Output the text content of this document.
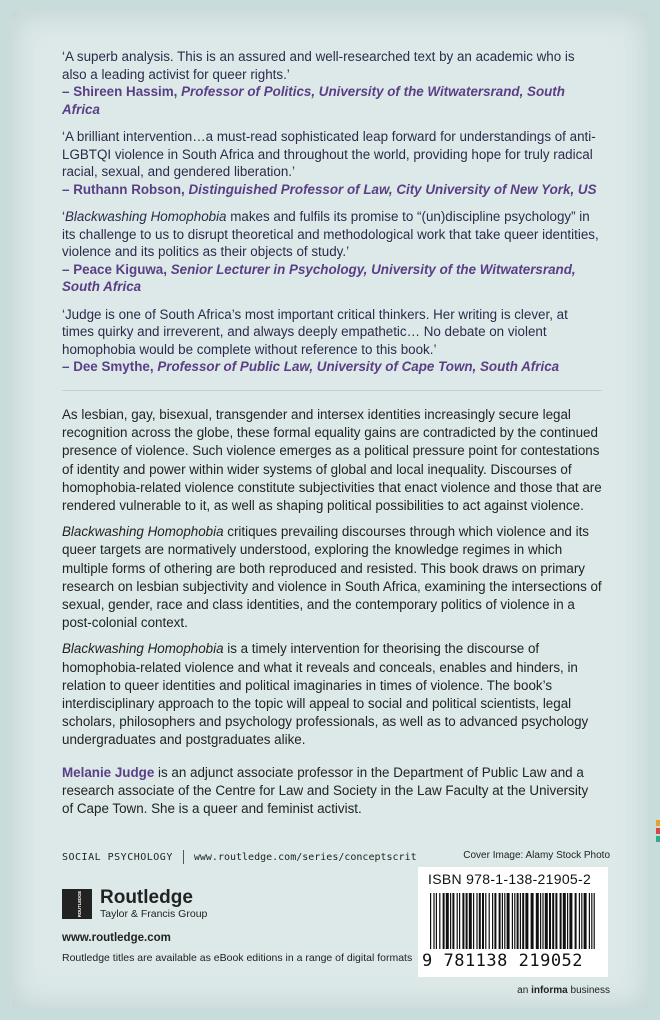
‘A superb analysis. This is an assured and well-researched text by an academic who is also a leading activist for queer rights.’

– Shireen Hassim, Professor of Politics, University of the Witwatersrand, South Africa

‘A brilliant intervention…a must-read sophisticated leap forward for understandings of anti-LGBTQI violence in South Africa and throughout the world, providing hope for truly radical racial, sexual, and gendered liberation.’

– Ruthann Robson, Distinguished Professor of Law, City University of New York, US

‘Blackwashing Homophobia makes and fulfils its promise to “(un)discipline psychology” in its challenge to us to disrupt theoretical and methodological work that take queer identities, violence and its politics as their objects of study.’

– Peace Kiguwa, Senior Lecturer in Psychology, University of the Witwatersrand, South Africa

‘Judge is one of South Africa’s most important critical thinkers. Her writing is clever, at times quirky and irreverent, and always deeply empathetic… No debate on violent homophobia would be complete without reference to this book.’

– Dee Smythe, Professor of Public Law, University of Cape Town, South Africa

As lesbian, gay, bisexual, transgender and intersex identities increasingly secure legal recognition across the globe, these formal equality gains are contradicted by the continued presence of violence. Such violence emerges as a political pressure point for contestations of identity and power within wider systems of global and local inequality. Discourses of homophobia-related violence constitute subjectivities that enact violence and those that are rendered vulnerable to it, as well as shaping political possibilities to act against violence.

Blackwashing Homophobia critiques prevailing discourses through which violence and its queer targets are normatively understood, exploring the knowledge regimes in which multiple forms of othering are both reproduced and resisted. This book draws on primary research on lesbian subjectivity and violence in South Africa, examining the intersections of sexual, gender, race and class identities, and the contemporary politics of violence in a post-colonial context.

Blackwashing Homophobia is a timely intervention for theorising the discourse of homophobia-related violence and what it reveals and conceals, enables and hinders, in relation to queer identities and political imaginaries in times of violence. The book’s interdisciplinary approach to the topic will appeal to social and political scientists, legal scholars, philosophers and psychology professionals, as well as to advanced psychology undergraduates and postgraduates alike.

Melanie Judge is an adjunct associate professor in the Department of Public Law and a research associate of the Centre for Law and Society in the Law Faculty at the University of Cape Town. She is a queer and feminist activist.

SOCIAL PSYCHOLOGY www.routledge.com/series/conceptscrit
ROUTLEDGE Routledge
Taylor & Francis Group
www.routledge.com
Routledge titles are available as eBook editions in a range of digital formats
Cover Image: Alamy Stock Photo
ISBN 978-1-138-21905-2
9 781138 219052
an informa business
